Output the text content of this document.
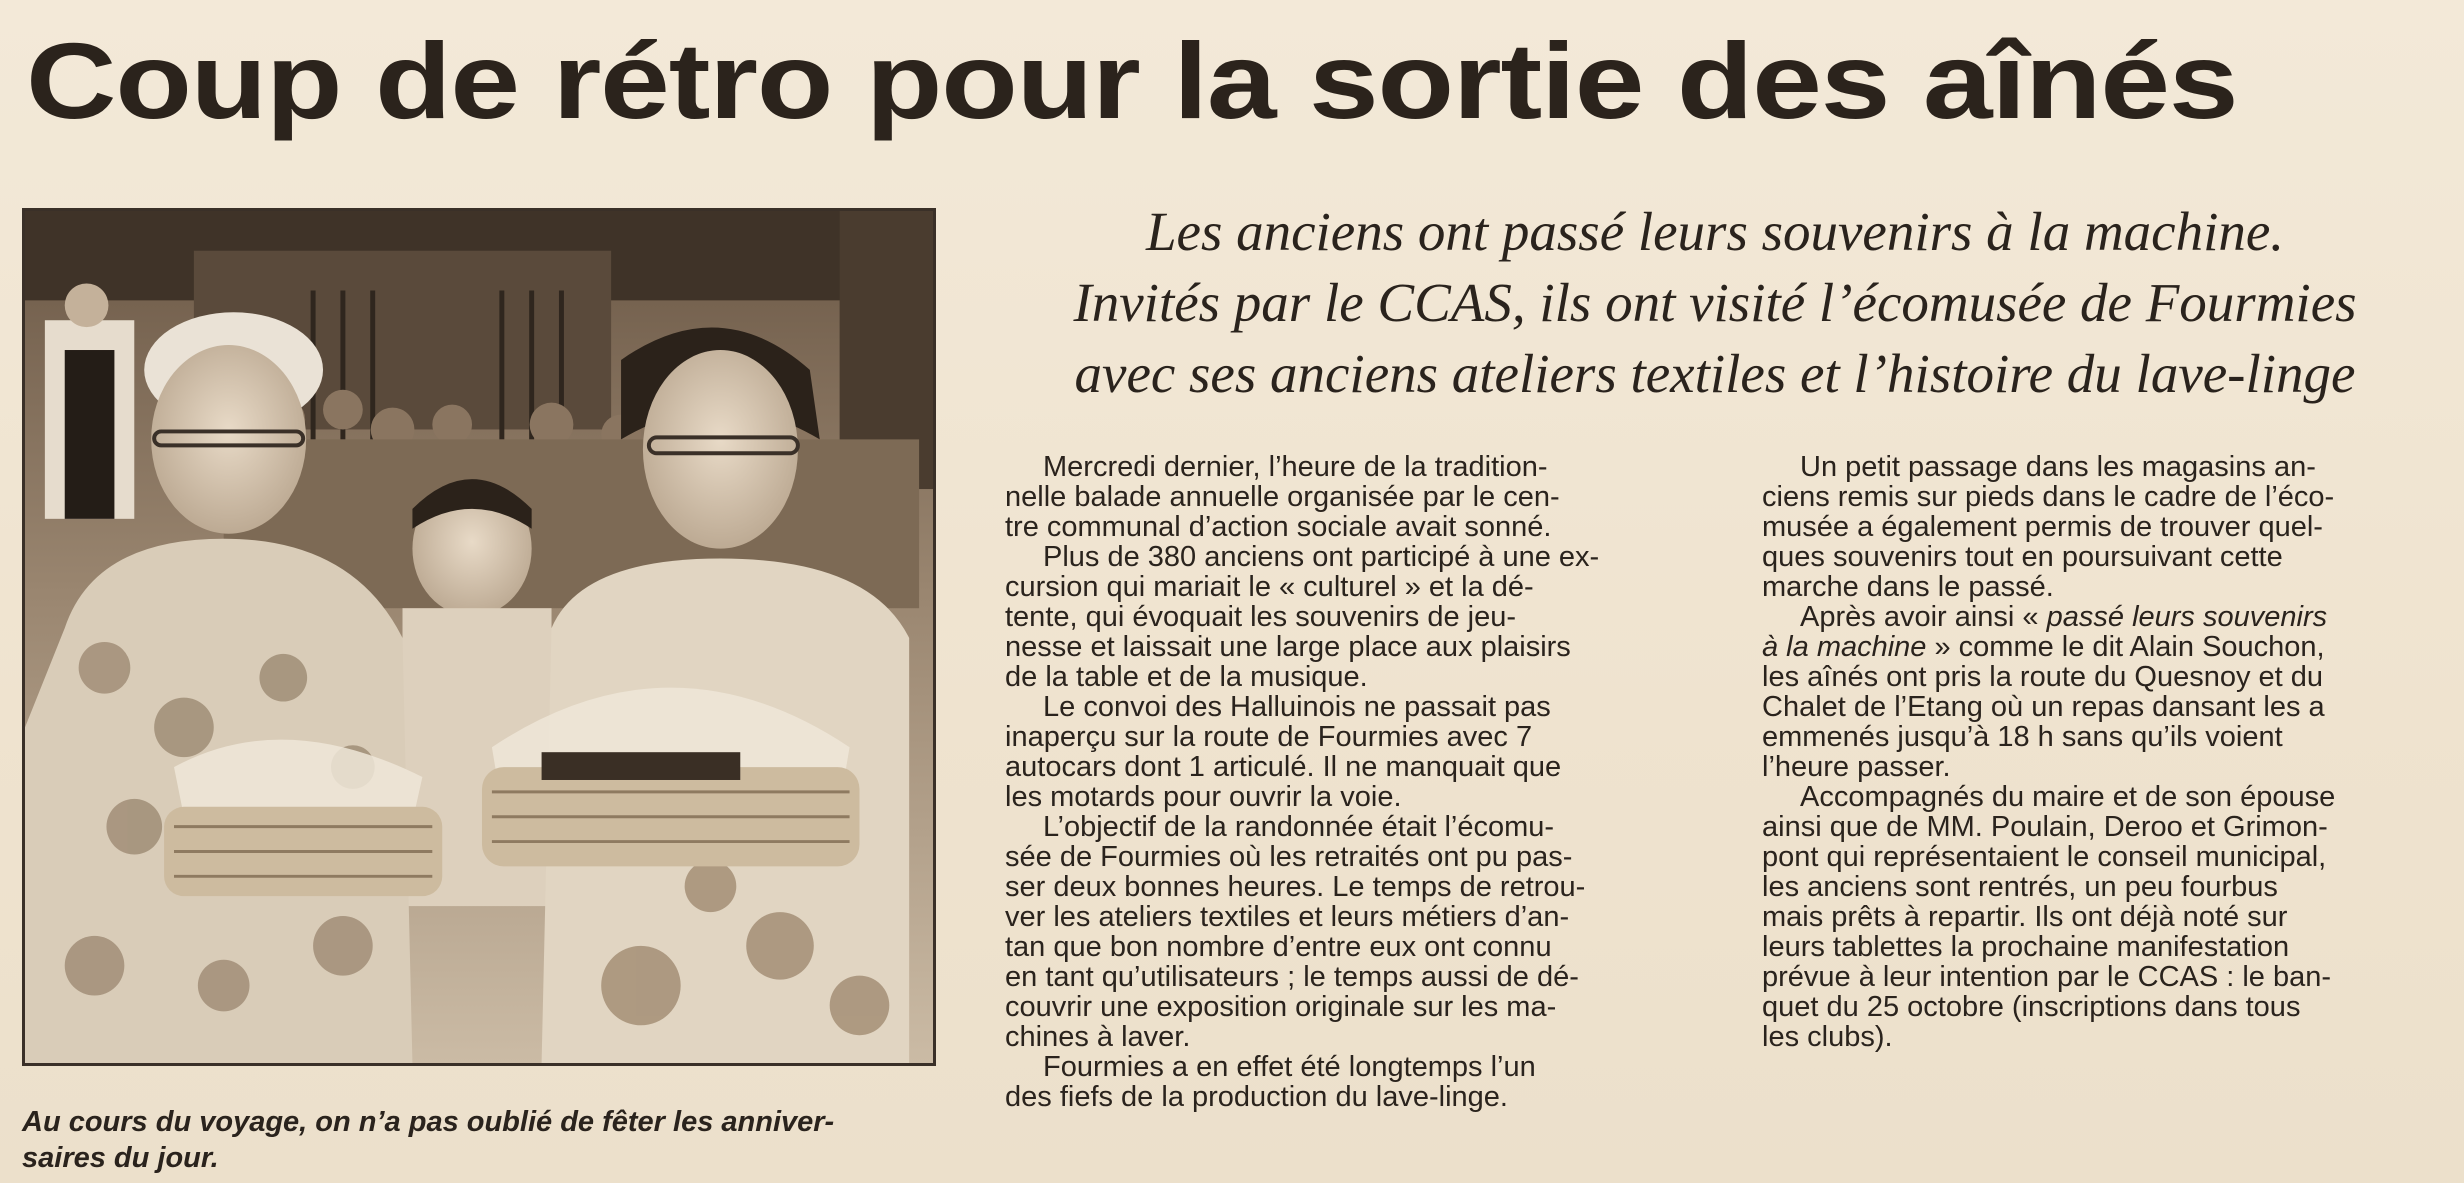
Coup de rétro pour la sortie des aînés
Au cours du voyage, on n’a pas oublié de fêter les anniver-
saires du jour.
Les anciens ont passé leurs souvenirs à la machine.
Invités par le CCAS, ils ont visité l’écomusée de Fourmies
avec ses anciens ateliers textiles et l’histoire du lave-linge
Mercredi dernier, l’heure de la tradition-
nelle balade annuelle organisée par le cen-
tre communal d’action sociale avait sonné.
Plus de 380 anciens ont participé à une ex-
cursion qui mariait le « culturel » et la dé-
tente, qui évoquait les souvenirs de jeu-
nesse et laissait une large place aux plaisirs
de la table et de la musique.
Le convoi des Halluinois ne passait pas
inaperçu sur la route de Fourmies avec 7
autocars dont 1 articulé. Il ne manquait que
les motards pour ouvrir la voie.
L’objectif de la randonnée était l’écomu-
sée de Fourmies où les retraités ont pu pas-
ser deux bonnes heures. Le temps de retrou-
ver les ateliers textiles et leurs métiers d’an-
tan que bon nombre d’entre eux ont connu
en tant qu’utilisateurs ; le temps aussi de dé-
couvrir une exposition originale sur les ma-
chines à laver.
Fourmies a en effet été longtemps l’un
des fiefs de la production du lave-linge.
Un petit passage dans les magasins an-
ciens remis sur pieds dans le cadre de l’éco-
musée a également permis de trouver quel-
ques souvenirs tout en poursuivant cette
marche dans le passé.
Après avoir ainsi « passé leurs souvenirs
à la machine » comme le dit Alain Souchon,
les aînés ont pris la route du Quesnoy et du
Chalet de l’Etang où un repas dansant les a
emmenés jusqu’à 18 h sans qu’ils voient
l’heure passer.
Accompagnés du maire et de son épouse
ainsi que de MM. Poulain, Deroo et Grimon-
pont qui représentaient le conseil municipal,
les anciens sont rentrés, un peu fourbus
mais prêts à repartir. Ils ont déjà noté sur
leurs tablettes la prochaine manifestation
prévue à leur intention par le CCAS : le ban-
quet du 25 octobre (inscriptions dans tous
les clubs).
